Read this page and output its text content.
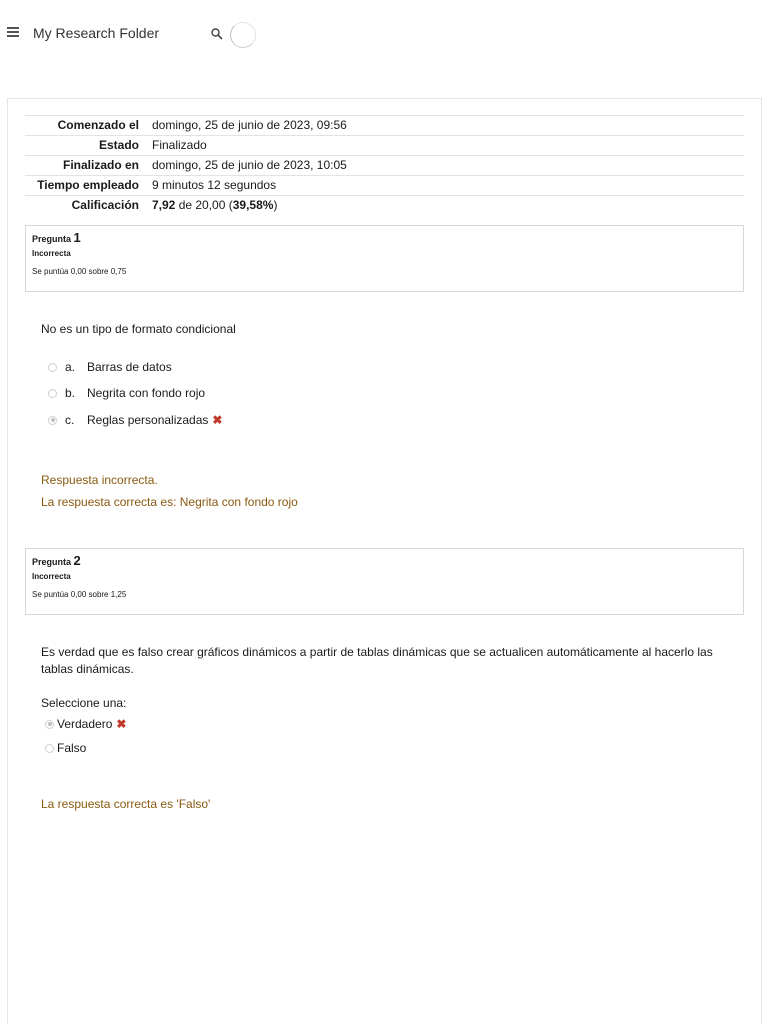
My Research Folder
Comenzado el	domingo, 25 de junio de 2023, 09:56
Estado	Finalizado
Finalizado en	domingo, 25 de junio de 2023, 10:05
Tiempo empleado	9 minutos 12 segundos
Calificación	7,92 de 20,00 (39,58%)
Pregunta 1
Incorrecta
Se puntúa 0,00 sobre 0,75
No es un tipo de formato condicional
a. Barras de datos
b. Negrita con fondo rojo
c.	Reglas personalizadas ✖
Respuesta incorrecta.
La respuesta correcta es: Negrita con fondo rojo
Pregunta 2
Incorrecta
Se puntúa 0,00 sobre 1,25
Es verdad que es falso crear gráficos dinámicos a partir de tablas dinámicas que se actualicen automáticamente al hacerlo las tablas dinámicas.
Seleccione una:
Verdadero ✖
Falso
La respuesta correcta es 'Falso'
